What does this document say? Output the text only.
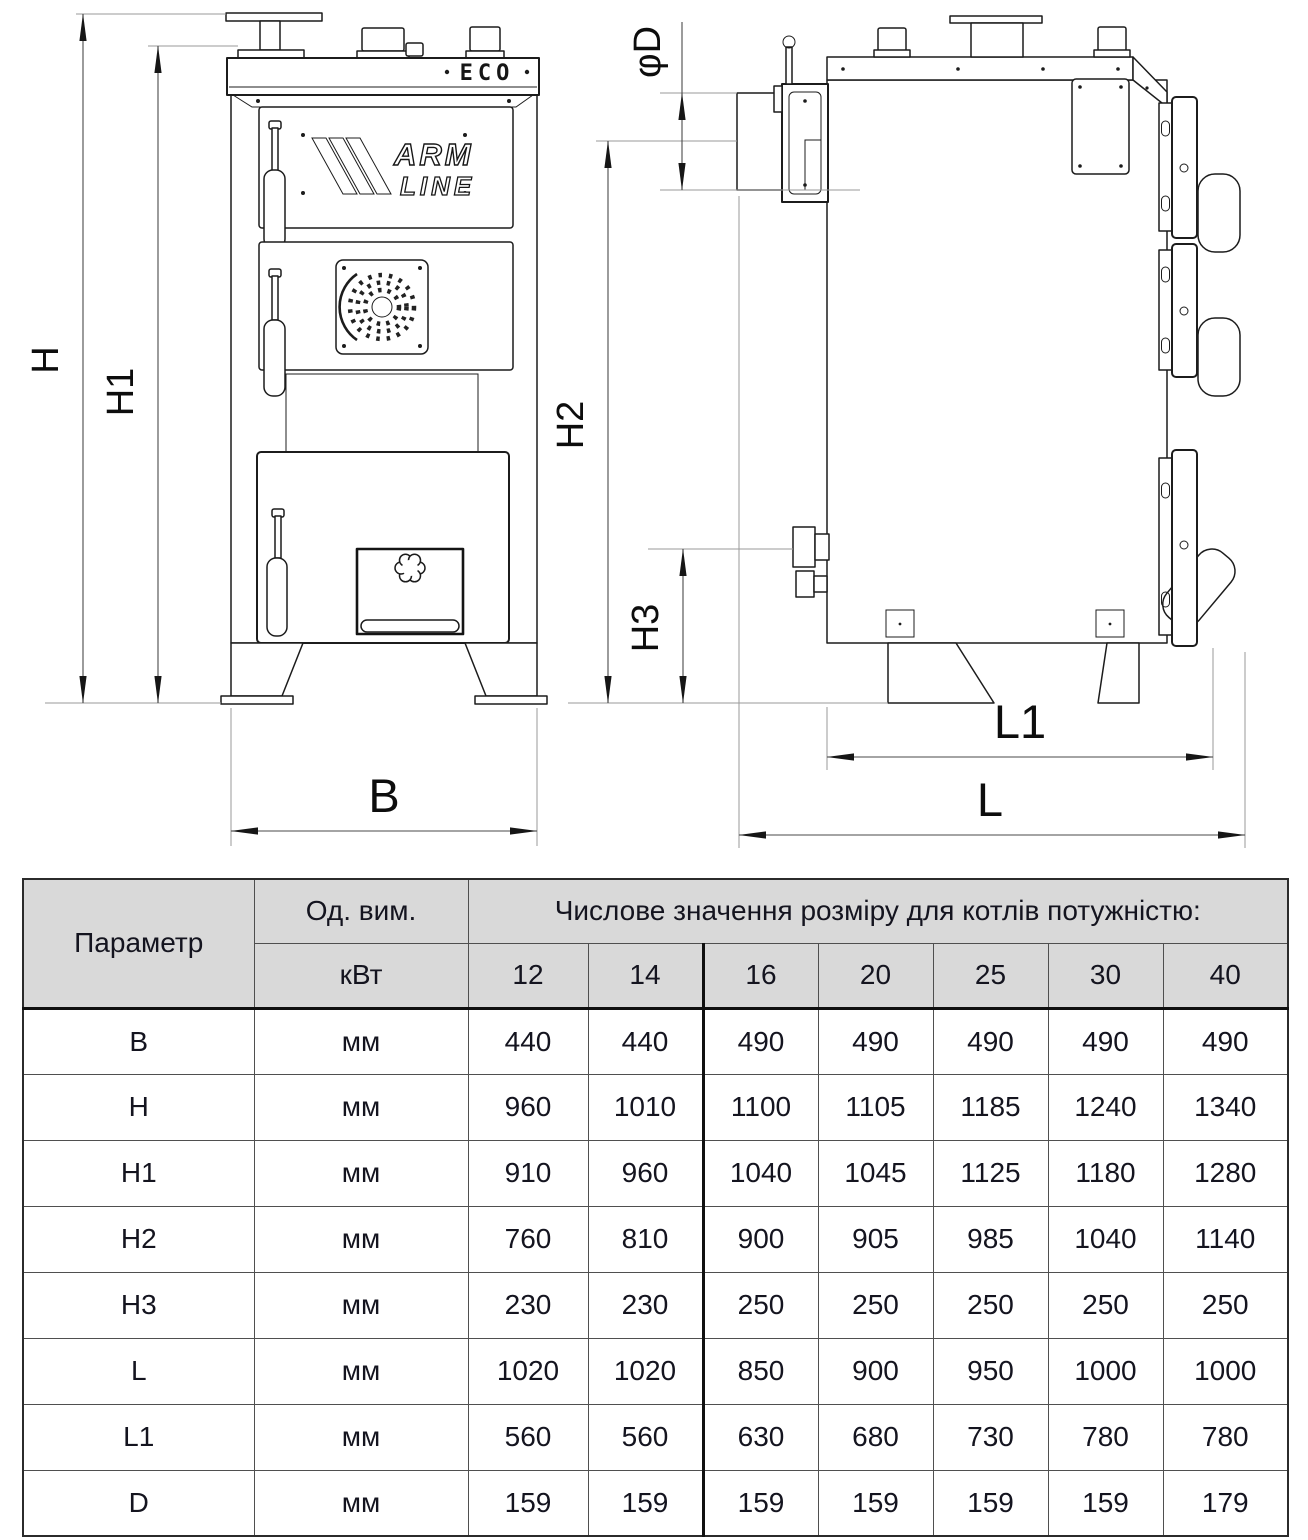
ECO
ARM
LINE
H
H1
B
φD
H2
H3
L1
L
Параметр	Од. вим.	Числове значення розміру для котлів потужністю:						
	кВт	12	14	16	20	25	30	40
B	мм	440	440	490	490	490	490	490
H	мм	960	1010	1100	1105	1185	1240	1340
H1	мм	910	960	1040	1045	1125	1180	1280
H2	мм	760	810	900	905	985	1040	1140
H3	мм	230	230	250	250	250	250	250
L	мм	1020	1020	850	900	950	1000	1000
L1	мм	560	560	630	680	730	780	780
D	мм	159	159	159	159	159	159	179
